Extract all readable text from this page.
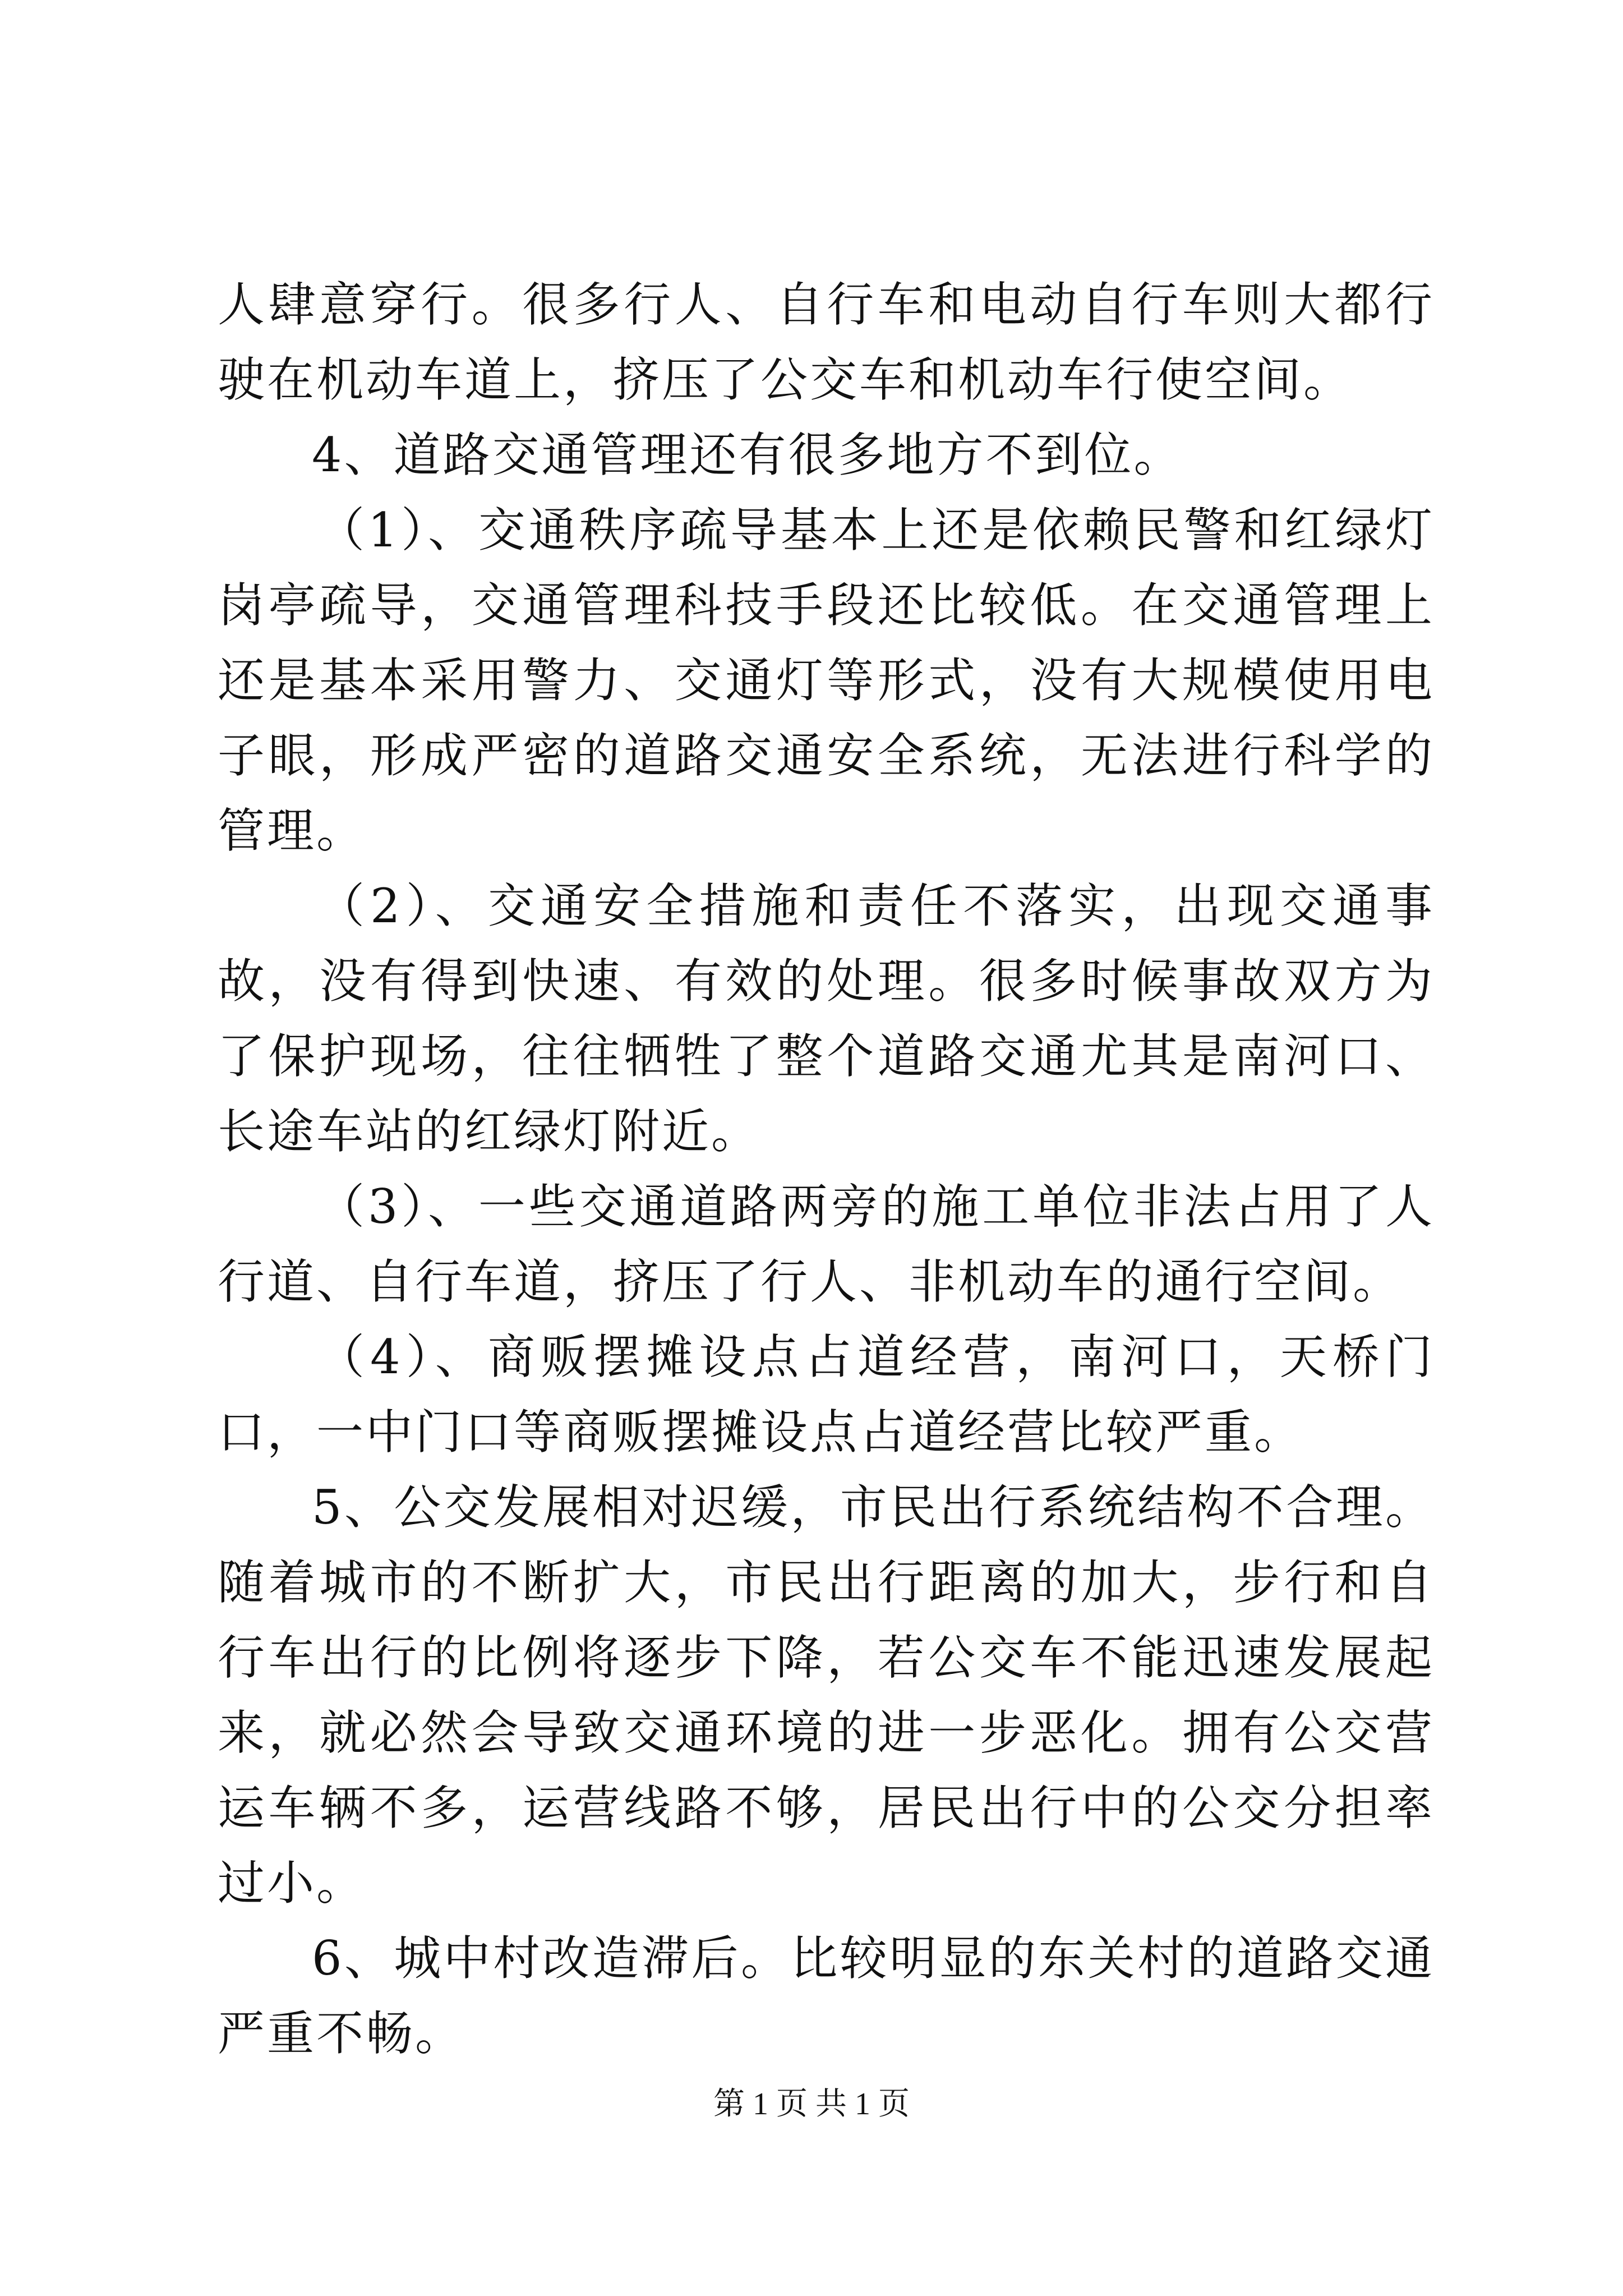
人肆意穿行。很多行人、自行车和电动自行车则大都行驶在机动车道上，挤压了公交车和机动车行使空间。

4、道路交通管理还有很多地方不到位。

（1）、交通秩序疏导基本上还是依赖民警和红绿灯岗亭疏导，交通管理科技手段还比较低。在交通管理上还是基本采用警力、交通灯等形式，没有大规模使用电子眼，形成严密的道路交通安全系统，无法进行科学的管理。

（2）、交通安全措施和责任不落实，出现交通事故，没有得到快速、有效的处理。很多时候事故双方为了保护现场，往往牺牲了整个道路交通尤其是南河口、长途车站的红绿灯附近。

（3）、一些交通道路两旁的施工单位非法占用了人行道、自行车道，挤压了行人、非机动车的通行空间。

（4）、商贩摆摊设点占道经营，南河口，天桥门口，一中门口等商贩摆摊设点占道经营比较严重。

5、公交发展相对迟缓，市民出行系统结构不合理。随着城市的不断扩大，市民出行距离的加大，步行和自行车出行的比例将逐步下降，若公交车不能迅速发展起来，就必然会导致交通环境的进一步恶化。拥有公交营运车辆不多，运营线路不够，居民出行中的公交分担率过小。

6、城中村改造滞后。比较明显的东关村的道路交通严重不畅。

第 1 页 共 1 页
